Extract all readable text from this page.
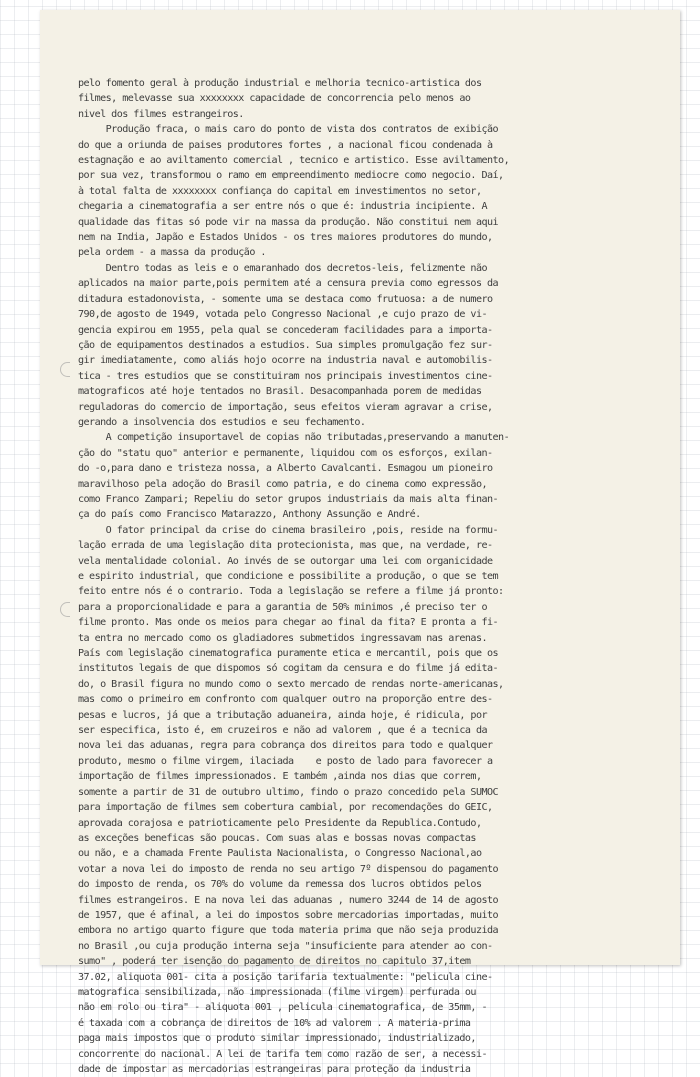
pelo fomento geral à produção industrial e melhoria tecnico-artistica dos
filmes, melevasse sua xxxxxxxx capacidade de concorrencia pelo menos ao
nivel dos filmes estrangeiros.
Produção fraca, o mais caro do ponto de vista dos contratos de exibição
do que a oriunda de paises produtores fortes , a nacional ficou condenada à
estagnação e ao aviltamento comercial , tecnico e artistico. Esse aviltamento,
por sua vez, transformou o ramo em empreendimento mediocre como negocio. Daí,
à total falta de xxxxxxxx confiança do capital em investimentos no setor,
chegaria a cinematografia a ser entre nós o que é: industria incipiente. A
qualidade das fitas só pode vir na massa da produção. Não constitui nem aqui
nem na India, Japão e Estados Unidos - os tres maiores produtores do mundo,
pela ordem - a massa da produção .
Dentro todas as leis e o emaranhado dos decretos-leis, felizmente não
aplicados na maior parte,pois permitem até a censura previa como egressos da
ditadura estadonovista, - somente uma se destaca como frutuosa: a de numero
790,de agosto de 1949, votada pelo Congresso Nacional ,e cujo prazo de vi-
gencia expirou em 1955, pela qual se concederam facilidades para a importa-
ção de equipamentos destinados a estudios. Sua simples promulgação fez sur-
gir imediatamente, como aliás hojo ocorre na industria naval e automobilis-
tica - tres estudios que se constituiram nos principais investimentos cine-
matograficos até hoje tentados no Brasil. Desacompanhada porem de medidas
reguladoras do comercio de importação, seus efeitos vieram agravar a crise,
gerando a insolvencia dos estudios e seu fechamento.
A competição insuportavel de copias não tributadas,preservando a manuten-
ção do "statu quo" anterior e permanente, liquidou com os esforços, exilan-
do -o,para dano e tristeza nossa, a Alberto Cavalcanti. Esmagou um pioneiro
maravilhoso pela adoção do Brasil como patria, e do cinema como expressão,
como Franco Zampari; Repeliu do setor grupos industriais da mais alta finan-
ça do país como Francisco Matarazzo, Anthony Assunção e André.
O fator principal da crise do cinema brasileiro ,pois, reside na formu-
lação errada de uma legislação dita protecionista, mas que, na verdade, re-
vela mentalidade colonial. Ao invés de se outorgar uma lei com organicidade
e espirito industrial, que condicione e possibilite a produção, o que se tem
feito entre nós é o contrario. Toda a legislação se refere a filme já pronto:
para a proporcionalidade e para a garantia de 50% minimos ,é preciso ter o
filme pronto. Mas onde os meios para chegar ao final da fita? E pronta a fi-
ta entra no mercado como os gladiadores submetidos ingressavam nas arenas.
País com legislação cinematografica puramente etica e mercantil, pois que os
institutos legais de que dispomos só cogitam da censura e do filme já edita-
do, o Brasil figura no mundo como o sexto mercado de rendas norte-americanas,
mas como o primeiro em confronto com qualquer outro na proporção entre des-
pesas e lucros, já que a tributação aduaneira, ainda hoje, é ridicula, por
ser especifica, isto é, em cruzeiros e não ad valorem , que é a tecnica da
nova lei das aduanas, regra para cobrança dos direitos para todo e qualquer
produto, mesmo o filme virgem, ilaciada    e posto de lado para favorecer a
importação de filmes impressionados. E também ,ainda nos dias que correm,
somente a partir de 31 de outubro ultimo, findo o prazo concedido pela SUMOC
para importação de filmes sem cobertura cambial, por recomendações do GEIC,
aprovada corajosa e patrioticamente pelo Presidente da Republica.Contudo,
as exceções beneficas são poucas. Com suas alas e bossas novas compactas
ou não, e a chamada Frente Paulista Nacionalista, o Congresso Nacional,ao
votar a nova lei do imposto de renda no seu artigo 7º dispensou do pagamento
do imposto de renda, os 70% do volume da remessa dos lucros obtidos pelos
filmes estrangeiros. E na nova lei das aduanas , numero 3244 de 14 de agosto
de 1957, que é afinal, a lei do impostos sobre mercadorias importadas, muito
embora no artigo quarto figure que toda materia prima que não seja produzida
no Brasil ,ou cuja produção interna seja "insuficiente para atender ao con-
sumo" , poderá ter isenção do pagamento de direitos no capitulo 37,item
37.02, aliquota 001- cita a posição tarifaria textualmente: "pelicula cine-
matografica sensibilizada, não impressionada (filme virgem) perfurada ou
não em rolo ou tira" - aliquota 001 , pelicula cinematografica, de 35mm, -
é taxada com a cobrança de direitos de 10% ad valorem . A materia-prima
paga mais impostos que o produto similar impressionado, industrializado,
concorrente do nacional. A lei de tarifa tem como razão de ser, a necessi-
dade de impostar as mercadorias estrangeiras para proteção da industria
